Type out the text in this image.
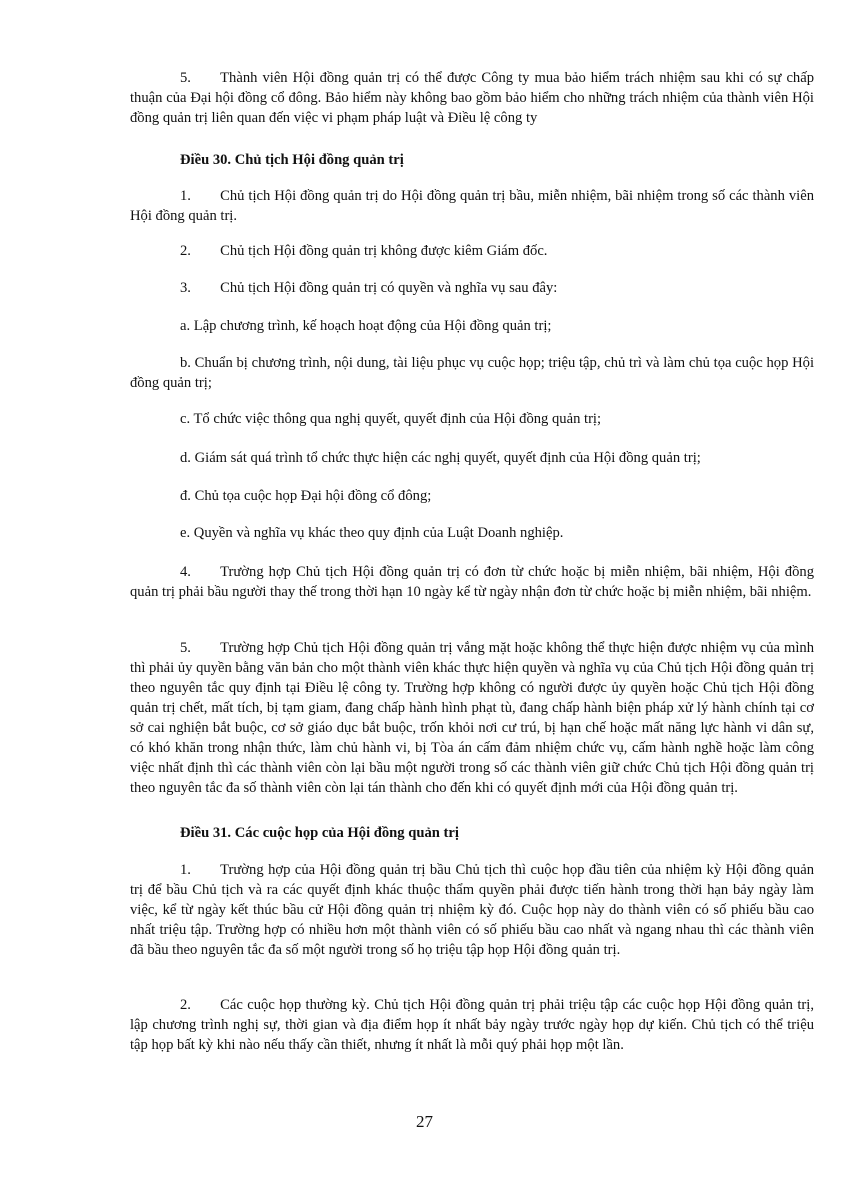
5.  Thành viên Hội đồng quản trị có thể được Công ty mua bảo hiểm trách nhiệm sau khi có sự chấp thuận của Đại hội đồng cổ đông. Bảo hiểm này không bao gồm bảo hiểm cho những trách nhiệm của thành viên Hội đồng quản trị liên quan đến việc vi phạm pháp luật và Điều lệ công ty
Điều 30. Chủ tịch Hội đồng quản trị
1.  Chủ tịch Hội đồng quản trị do Hội đồng quản trị bầu, miễn nhiệm, bãi nhiệm trong số các thành viên Hội đồng quản trị.
2.  Chủ tịch Hội đồng quản trị không được kiêm Giám đốc.
3.  Chủ tịch Hội đồng quản trị có quyền và nghĩa vụ sau đây:
a. Lập chương trình, kế hoạch hoạt động của Hội đồng quản trị;
b. Chuẩn bị chương trình, nội dung, tài liệu phục vụ cuộc họp; triệu tập, chủ trì và làm chủ tọa cuộc họp Hội đồng quản trị;
c. Tổ chức việc thông qua nghị quyết, quyết định của Hội đồng quản trị;
d. Giám sát quá trình tổ chức thực hiện các nghị quyết, quyết định của Hội đồng quản trị;
đ. Chủ tọa cuộc họp Đại hội đồng cổ đông;
e. Quyền và nghĩa vụ khác theo quy định của Luật Doanh nghiệp.
4.  Trường hợp Chủ tịch Hội đồng quản trị có đơn từ chức hoặc bị miễn nhiệm, bãi nhiệm, Hội đồng quản trị phải bầu người thay thế trong thời hạn 10 ngày kể từ ngày nhận đơn từ chức hoặc bị miễn nhiệm, bãi nhiệm.
5.  Trường hợp Chủ tịch Hội đồng quản trị vắng mặt hoặc không thể thực hiện được nhiệm vụ của mình thì phải ủy quyền bằng văn bản cho một thành viên khác thực hiện quyền và nghĩa vụ của Chủ tịch Hội đồng quản trị theo nguyên tắc quy định tại Điều lệ công ty. Trường hợp không có người được ủy quyền hoặc Chủ tịch Hội đồng quản trị chết, mất tích, bị tạm giam, đang chấp hành hình phạt tù, đang chấp hành biện pháp xử lý hành chính tại cơ sở cai nghiện bắt buộc, cơ sở giáo dục bắt buộc, trốn khỏi nơi cư trú, bị hạn chế hoặc mất năng lực hành vi dân sự, có khó khăn trong nhận thức, làm chủ hành vi, bị Tòa án cấm đảm nhiệm chức vụ, cấm hành nghề hoặc làm công việc nhất định thì các thành viên còn lại bầu một người trong số các thành viên giữ chức Chủ tịch Hội đồng quản trị theo nguyên tắc đa số thành viên còn lại tán thành cho đến khi có quyết định mới của Hội đồng quản trị.
Điều 31. Các cuộc họp của Hội đồng quản trị
1.  Trường hợp của Hội đồng quản trị bầu Chủ tịch thì cuộc họp đầu tiên của nhiệm kỳ Hội đồng quản trị để bầu Chủ tịch và ra các quyết định khác thuộc thẩm quyền phải được tiến hành trong thời hạn bảy ngày làm việc, kể từ ngày kết thúc bầu cử Hội đồng quản trị nhiệm kỳ đó. Cuộc họp này do thành viên có số phiếu bầu cao nhất triệu tập. Trường hợp có nhiều hơn một thành viên có số phiếu bầu cao nhất và ngang nhau thì các thành viên đã bầu theo nguyên tắc đa số một người trong số họ triệu tập họp Hội đồng quản trị.
2.  Các cuộc họp thường kỳ. Chủ tịch Hội đồng quản trị phải triệu tập các cuộc họp Hội đồng quản trị, lập chương trình nghị sự, thời gian và địa điểm họp ít nhất bảy ngày trước ngày họp dự kiến. Chủ tịch có thể triệu tập họp bất kỳ khi nào nếu thấy cần thiết, nhưng ít nhất là mỗi quý phải họp một lần.
27
